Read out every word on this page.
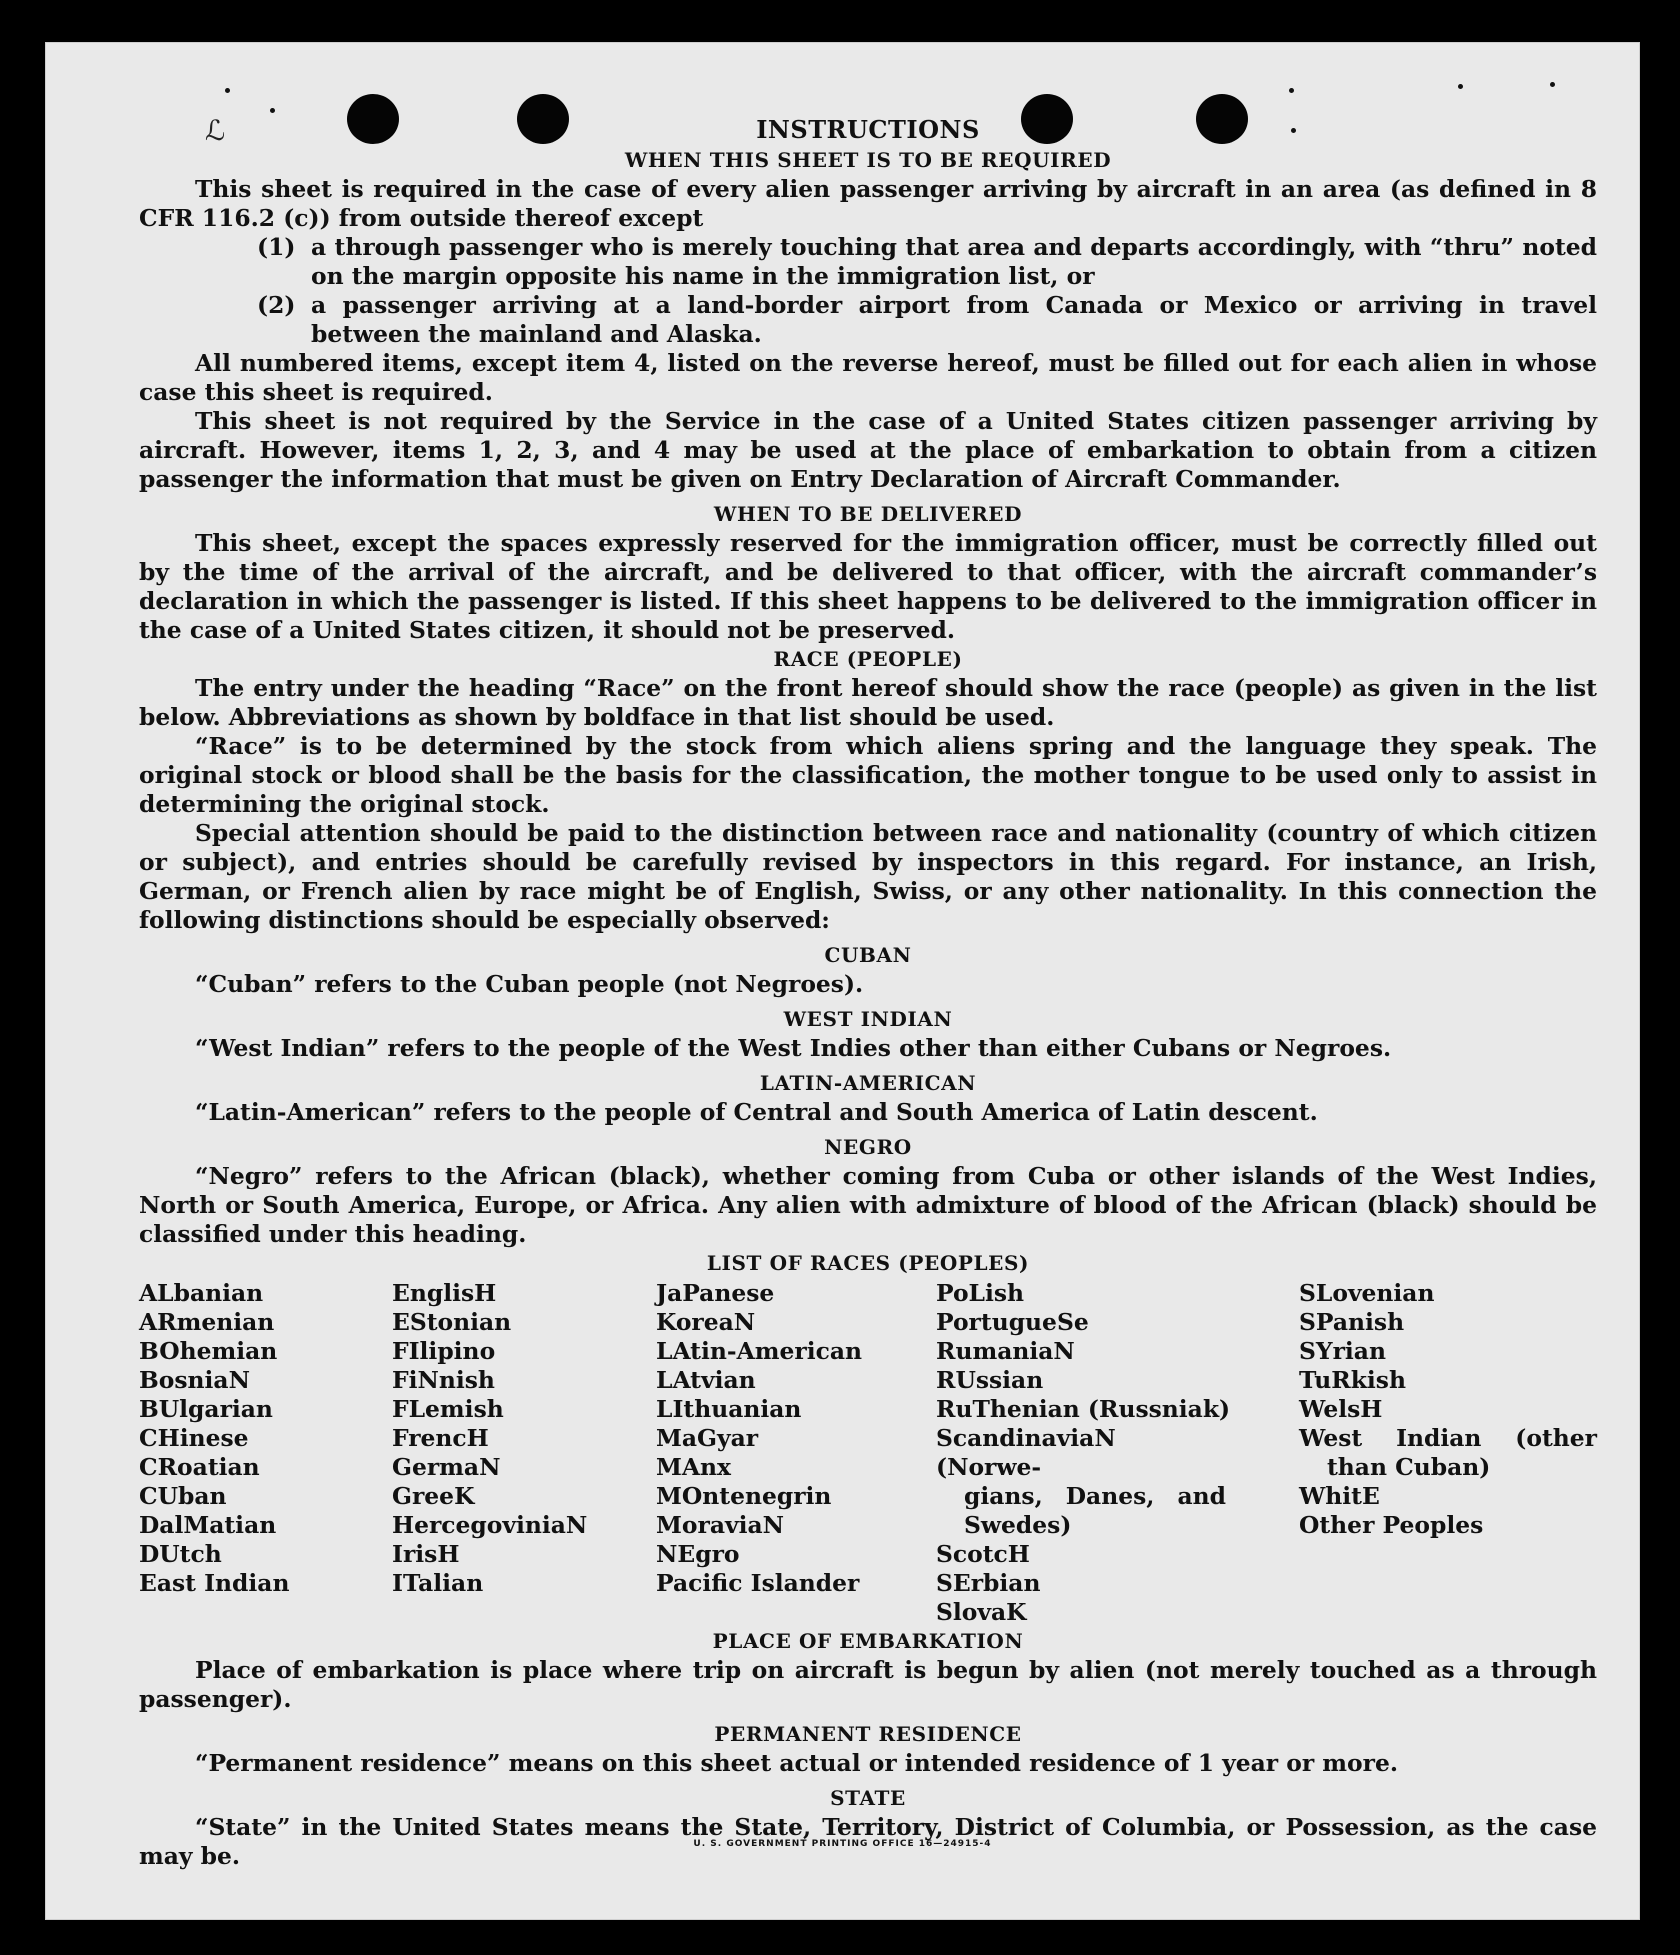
ℒ	INSTRUCTIONS
WHEN THIS SHEET IS TO BE REQUIRED

This sheet is required in the case of every alien passenger arriving by aircraft in an area (as defined in 8 CFR 116.2 (c)) from outside thereof except

(1) a through passenger who is merely touching that area and departs accordingly, with “thru” noted on the margin opposite his name in the immigration list, or
(2) a passenger arriving at a land-border airport from Canada or Mexico or arriving in travel between the mainland and Alaska.

All numbered items, except item 4, listed on the reverse hereof, must be filled out for each alien in whose case this sheet is required.

This sheet is not required by the Service in the case of a United States citizen passenger arriving by aircraft. However, items 1, 2, 3, and 4 may be used at the place of embarkation to obtain from a citizen passenger the information that must be given on Entry Declaration of Aircraft Commander.

WHEN TO BE DELIVERED

This sheet, except the spaces expressly reserved for the immigration officer, must be correctly filled out by the time of the arrival of the aircraft, and be delivered to that officer, with the aircraft commander’s declaration in which the passenger is listed. If this sheet happens to be delivered to the immigration officer in the case of a United States citizen, it should not be preserved.

RACE (PEOPLE)

The entry under the heading “Race” on the front hereof should show the race (people) as given in the list below. Abbreviations as shown by boldface in that list should be used.

“Race” is to be determined by the stock from which aliens spring and the language they speak. The original stock or blood shall be the basis for the classification, the mother tongue to be used only to assist in determining the original stock.

Special attention should be paid to the distinction between race and nationality (country of which citizen or subject), and entries should be carefully revised by inspectors in this regard. For instance, an Irish, German, or French alien by race might be of English, Swiss, or any other nationality. In this connection the following distinctions should be especially observed:

CUBAN

“Cuban” refers to the Cuban people (not Negroes).

WEST INDIAN

“West Indian” refers to the people of the West Indies other than either Cubans or Negroes.

LATIN-AMERICAN

“Latin-American” refers to the people of Central and South America of Latin descent.

NEGRO

“Negro” refers to the African (black), whether coming from Cuba or other islands of the West Indies, North or South America, Europe, or Africa. Any alien with admixture of blood of the African (black) should be classified under this heading.

LIST OF RACES (PEOPLES)
ALbanian
ARmenian
BOhemian
BosniaN
BUlgarian
CHinese
CRoatian
CUban
DalMatian
DUtch
East Indian
EnglisH
EStonian
FIlipino
FiNnish
FLemish
FrencH
GermaN
GreeK
HercegoviniaN
IrisH
ITalian
JaPanese
KoreaN
LAtin-American
LAtvian
LIthuanian
MaGyar
MAnx
MOntenegrin
MoraviaN
NEgro
Pacific Islander
PoLish
PortugueSe
RumaniaN
RUssian
RuThenian (Russniak)
ScandinaviaN (Norwe-
gians, Danes, and
Swedes)
ScotcH
SErbian
SlovaK
SLovenian
SPanish
SYrian
TuRkish
WelsH
West Indian (other
than Cuban)
WhitE
Other Peoples
PLACE OF EMBARKATION

Place of embarkation is place where trip on aircraft is begun by alien (not merely touched as a through passenger).

PERMANENT RESIDENCE

“Permanent residence” means on this sheet actual or intended residence of 1 year or more.

STATE

“State” in the United States means the State, Territory, District of Columbia, or Possession, as the case may be.	U. S. GOVERNMENT PRINTING OFFICE 16—24915-4
